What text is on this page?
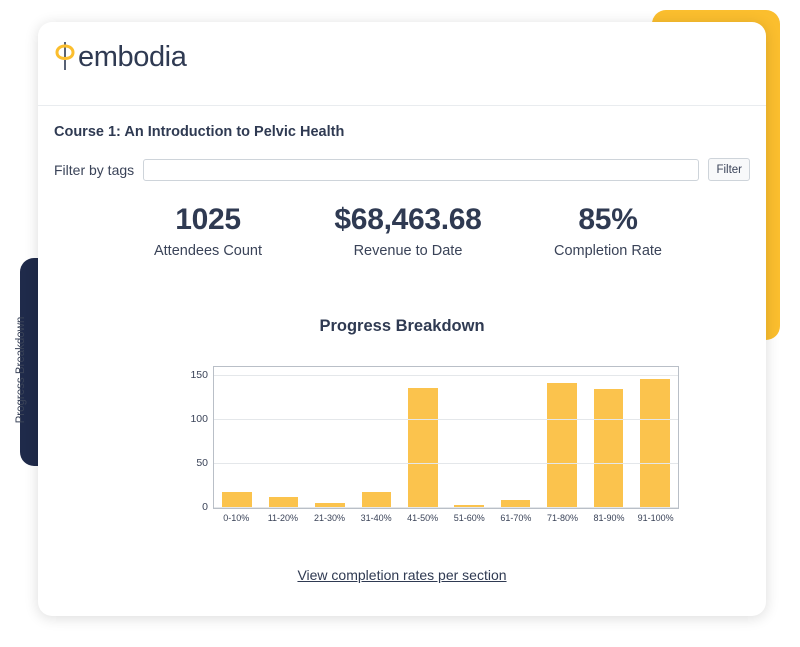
embodia
Course 1: An Introduction to Pelvic Health
Filter by tags	Filter
1025
Attendees Count
$68,463.68
Revenue to Date
85%
Completion Rate
Progress Breakdown
Progress Breakdown
0
50
100
150
0-10%	11-20%	21-30%	31-40%	41-50%	51-60%	61-70%	71-80%	81-90%	91-100%
View completion rates per section
